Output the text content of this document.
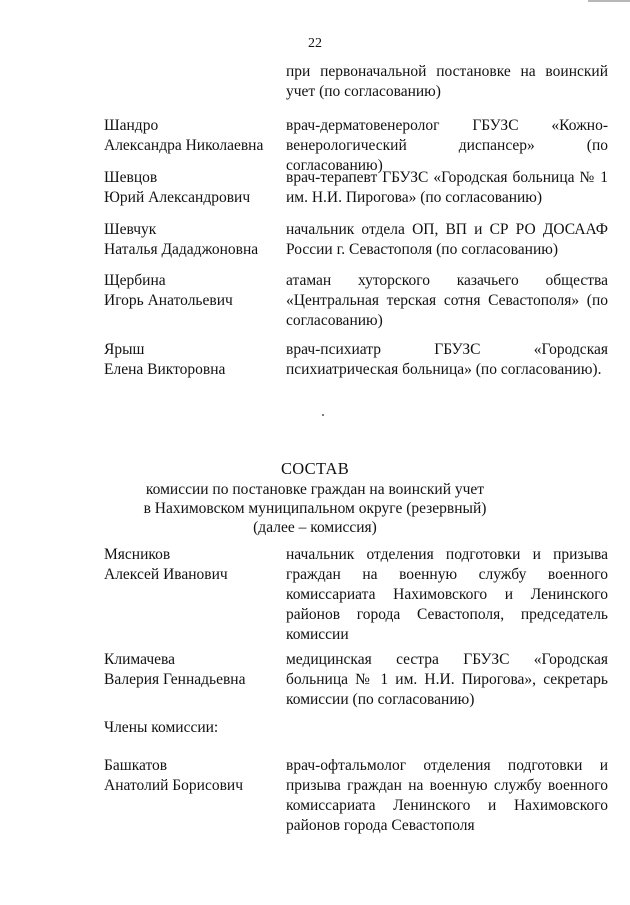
22
при первоначальной постановке на воинский учет (по согласованию)
Шандро
Александра Николаевна
врач-дерматовенеролог ГБУЗС «Кожно-венерологический диспансер» (по согласованию)
Шевцов
Юрий Александрович
врач-терапевт ГБУЗС «Городская больница № 1 им. Н.И. Пирогова» (по согласованию)
Шевчук
Наталья Дададжоновна
начальник отдела ОП, ВП и СР РО ДОСААФ России г. Севастополя (по согласованию)
Щербина
Игорь Анатольевич
атаман хуторского казачьего общества «Центральная терская сотня Севастополя» (по согласованию)
Ярыш
Елена Викторовна
врач-психиатр ГБУЗС «Городская психиатрическая больница» (по согласованию).
СОСТАВ
комиссии по постановке граждан на воинский учет
в Нахимовском муниципальном округе (резервный)
(далее – комиссия)
Мясников
Алексей Иванович
начальник отделения подготовки и призыва граждан на военную службу военного комиссариата Нахимовского и Ленинского районов города Севастополя, председатель комиссии
Климачева
Валерия Геннадьевна
медицинская сестра ГБУЗС «Городская больница № 1 им. Н.И. Пирогова», секретарь комиссии (по согласованию)
Члены комиссии:
Башкатов
Анатолий Борисович
врач-офтальмолог отделения подготовки и призыва граждан на военную службу военного комиссариата Ленинского и Нахимовского районов города Севастополя
